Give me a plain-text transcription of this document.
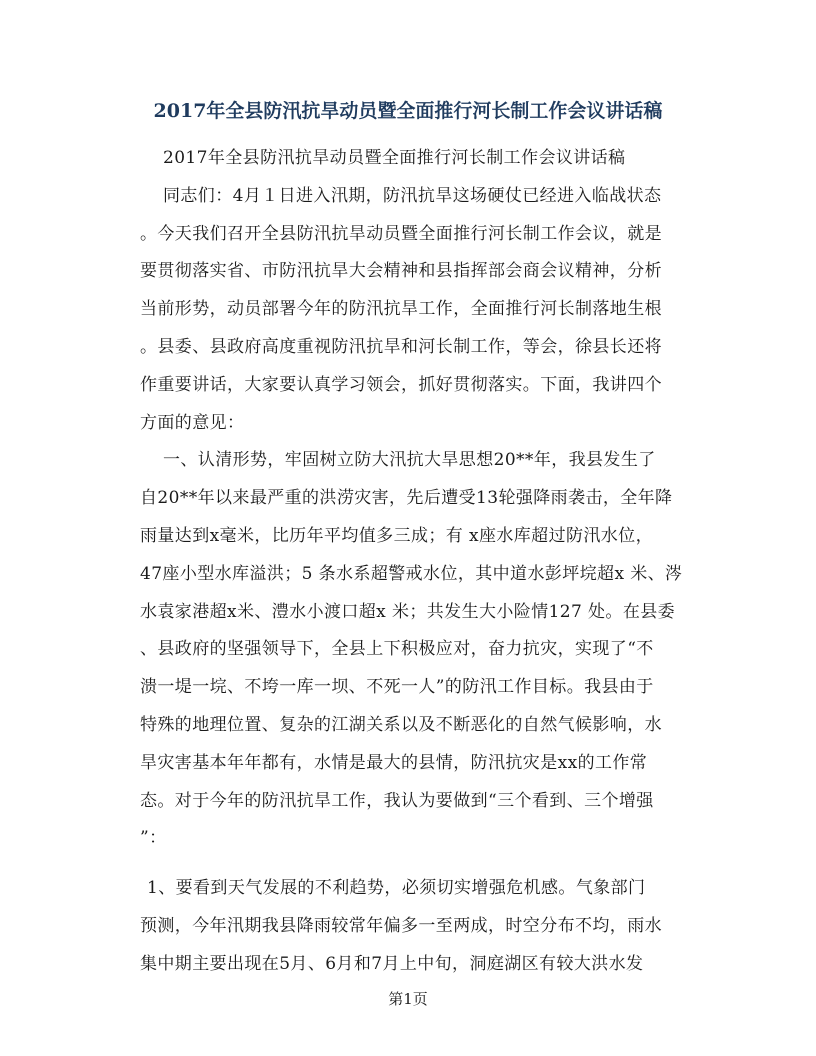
2017年全县防汛抗旱动员暨全面推行河长制工作会议讲话稿
2017年全县防汛抗旱动员暨全面推行河长制工作会议讲话稿
同志们：4月１日进入汛期，防汛抗旱这场硬仗已经进入临战状态
。今天我们召开全县防汛抗旱动员暨全面推行河长制工作会议，就是
要贯彻落实省、市防汛抗旱大会精神和县指挥部会商会议精神，分析
当前形势，动员部署今年的防汛抗旱工作，全面推行河长制落地生根
。县委、县政府高度重视防汛抗旱和河长制工作，等会，徐县长还将
作重要讲话，大家要认真学习领会，抓好贯彻落实。下面，我讲四个
方面的意见：
一、认清形势，牢固树立防大汛抗大旱思想20**年，我县发生了
自20**年以来最严重的洪涝灾害，先后遭受13轮强降雨袭击，全年降
雨量达到x毫米，比历年平均值多三成；有 x座水库超过防汛水位，
47座小型水库溢洪；5 条水系超警戒水位，其中道水彭坪垸超x 米、涔
水袁家港超x米、澧水小渡口超x 米；共发生大小险情127 处。在县委
、县政府的坚强领导下，全县上下积极应对，奋力抗灾，实现了“不
溃一堤一垸、不垮一库一坝、不死一人”的防汛工作目标。我县由于
特殊的地理位置、复杂的江湖关系以及不断恶化的自然气候影响，水
旱灾害基本年年都有，水情是最大的县情，防汛抗灾是xx的工作常
态。对于今年的防汛抗旱工作，我认为要做到“三个看到、三个增强
”：
1、要看到天气发展的不利趋势，必须切实增强危机感。气象部门
预测，今年汛期我县降雨较常年偏多一至两成，时空分布不均，雨水
集中期主要出现在5月、6月和7月上中旬，洞庭湖区有较大洪水发
第1页
